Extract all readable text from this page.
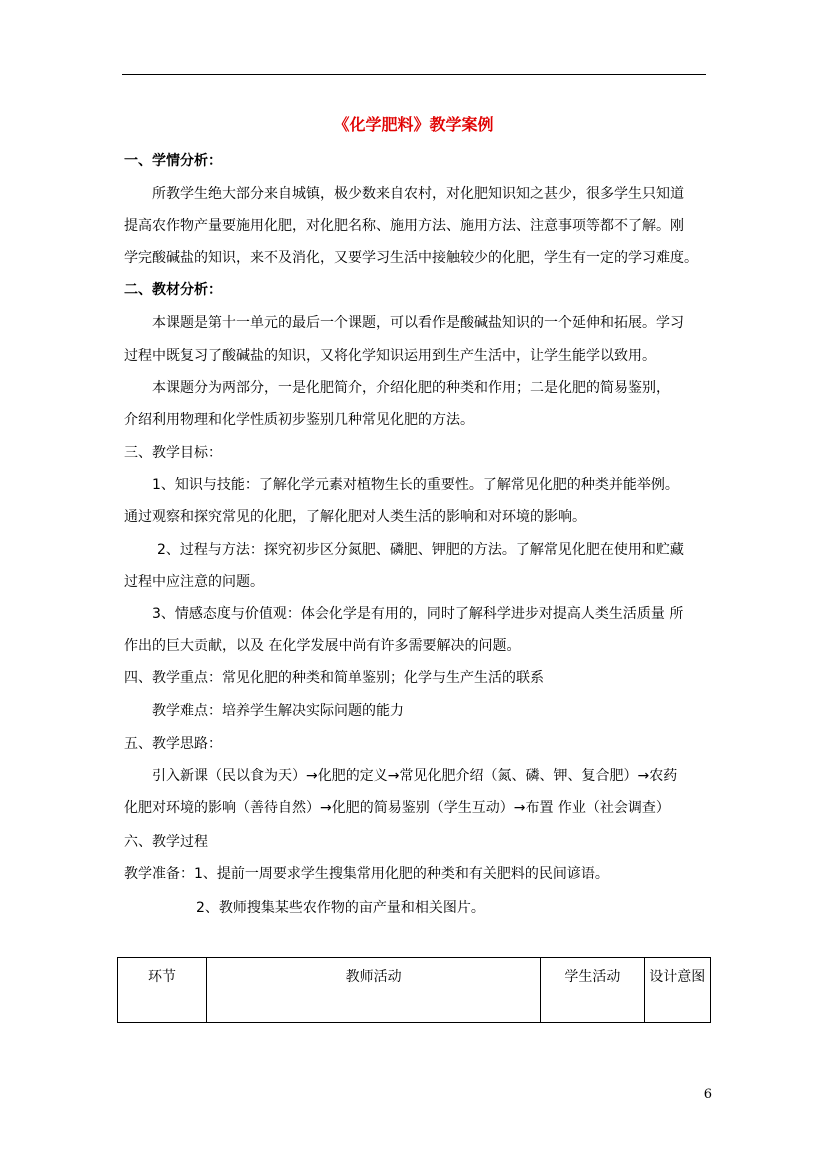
《化学肥料》教学案例
一、学情分析：
所教学生绝大部分来自城镇，极少数来自农村，对化肥知识知之甚少，很多学生只知道
提高农作物产量要施用化肥，对化肥名称、施用方法、施用方法、注意事项等都不了解。刚
学完酸碱盐的知识，来不及消化，又要学习生活中接触较少的化肥，学生有一定的学习难度。
二、教材分析：
本课题是第十一单元的最后一个课题，可以看作是酸碱盐知识的一个延伸和拓展。学习
过程中既复习了酸碱盐的知识，又将化学知识运用到生产生活中，让学生能学以致用。
本课题分为两部分，一是化肥简介，介绍化肥的种类和作用；二是化肥的简易鉴别，
介绍利用物理和化学性质初步鉴别几种常见化肥的方法。
三、教学目标：
1、知识与技能：了解化学元素对植物生长的重要性。了解常见化肥的种类并能举例。
通过观察和探究常见的化肥，了解化肥对人类生活的影响和对环境的影响。
2、过程与方法：探究初步区分氮肥、磷肥、钾肥的方法。了解常见化肥在使用和贮藏
过程中应注意的问题。
3、情感态度与价值观：体会化学是有用的，同时了解科学进步对提高人类生活质量 所
作出的巨大贡献，以及 在化学发展中尚有许多需要解决的问题。
四、教学重点：常见化肥的种类和简单鉴别；化学与生产生活的联系
教学难点：培养学生解决实际问题的能力
五、教学思路：
引入新课（民以食为天）→化肥的定义→常见化肥介绍（氮、磷、钾、复合肥）→农药
化肥对环境的影响（善待自然）→化肥的简易鉴别（学生互动）→布置 作业（社会调查）
六、教学过程
教学准备：1、提前一周要求学生搜集常用化肥的种类和有关肥料的民间谚语。
2、教师搜集某些农作物的亩产量和相关图片。
环节	教师活动	学生活动	设计意图
6
